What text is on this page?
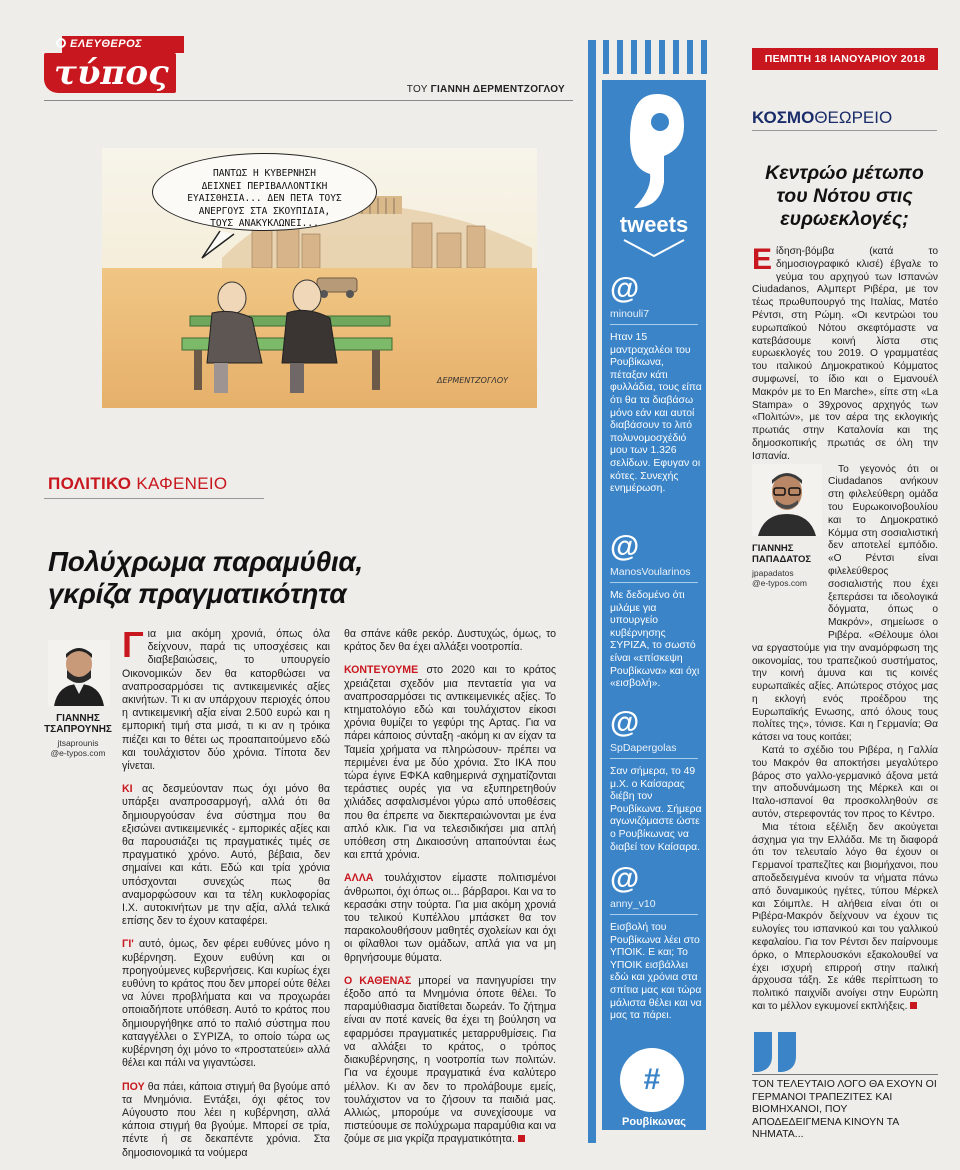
ΕΛΕΥΘΕΡΟΣ
τύπος	ΤΟΥ ΓΙΑΝΝΗ ΔΕΡΜΕΝΤΖΟΓΛΟΥ
ΔΕΡΜΕΝΤΖΟΓΛΟΥ
ΠΑΝΤΩΣ Η ΚΥΒΕΡΝΗΣΗ
ΔΕΙΧΝΕΙ ΠΕΡΙΒΑΛΛΟΝΤΙΚΗ
ΕΥΑΙΣΘΗΣΙΑ... ΔΕΝ ΠΕΤΑ ΤΟΥΣ
ΑΝΕΡΓΟΥΣ ΣΤΑ ΣΚΟΥΠΙΔΙΑ,
ΤΟΥΣ ΑΝΑΚΥΚΛΩΝΕΙ...
ΠΟΛΙΤΙΚΟ ΚΑΦΕΝΕΙΟ
Πολύχρωμα παραμύθια,
γκρίζα πραγματικότητα
ΓΙΑΝΝΗΣ
ΤΣΑΠΡΟΥΝΗΣ
jtsaprounis
@e-typos.com

Για μια ακόμη χρονιά, όπως όλα δείχνουν, παρά τις υποσχέσεις και διαβεβαιώσεις, το υπουργείο Οικονομικών δεν θα κατορθώσει να αναπροσαρμόσει τις αντικειμενικές αξίες ακινήτων. Τι κι αν υπάρχουν περιοχές όπου η αντικειμενική αξία είναι 2.500 ευρώ και η εμπορική τιμή στα μισά, τι κι αν η τρόικα πιέζει και το θέτει ως προαπαιτούμενο εδώ και τουλάχιστον δύο χρόνια. Τίποτα δεν γίνεται.

ΚΙ ας δεσμεύονταν πως όχι μόνο θα υπάρξει αναπροσαρμογή, αλλά ότι θα δημιουργούσαν ένα σύστημα που θα εξισώνει αντικειμενικές - εμπορικές αξίες και θα παρουσιάζει τις πραγματικές τιμές σε πραγματικό χρόνο. Αυτό, βέβαια, δεν σημαίνει και κάτι. Εδώ και τρία χρόνια υπόσχονται συνεχώς πως θα αναμορφώσουν και τα τέλη κυκλοφορίας Ι.Χ. αυτοκινήτων με την αξία, αλλά τελικά επίσης δεν το έχουν καταφέρει.

ΓΙ' αυτό, όμως, δεν φέρει ευθύνες μόνο η κυβέρνηση. Εχουν ευθύνη και οι προηγούμενες κυβερνήσεις. Και κυρίως έχει ευθύνη το κράτος που δεν μπορεί ούτε θέλει να λύνει προβλήματα και να προχωράει οποιαδήποτε υπόθεση. Αυτό το κράτος που δημιουργήθηκε από το παλιό σύστημα που καταγγέλλει ο ΣΥΡΙΖΑ, το οποίο τώρα ως κυβέρνηση όχι μόνο το «προστατεύει» αλλά θέλει και πάλι να γιγαντώσει.

ΠΟΥ θα πάει, κάποια στιγμή θα βγούμε από τα Μνημόνια. Εντάξει, όχι φέτος τον Αύγουστο που λέει η κυβέρνηση, αλλά κάποια στιγμή θα βγούμε. Μπορεί σε τρία, πέντε ή σε δεκαπέντε χρόνια. Στα δημοσιονομικά τα νούμερα

θα σπάνε κάθε ρεκόρ. Δυστυχώς, όμως, το κράτος δεν θα έχει αλλάξει νοοτροπία.

ΚΟΝΤΕΥΟΥΜΕ στο 2020 και το κράτος χρειάζεται σχεδόν μια πενταετία για να αναπροσαρμόσει τις αντικειμενικές αξίες. Το κτηματολόγιο εδώ και τουλάχιστον είκοσι χρόνια θυμίζει το γεφύρι της Αρτας. Για να πάρει κάποιος σύνταξη -ακόμη κι αν είχαν τα Ταμεία χρήματα να πληρώσουν- πρέπει να περιμένει ένα με δύο χρόνια. Στο ΙΚΑ που τώρα έγινε ΕΦΚΑ καθημερινά σχηματίζονται τεράστιες ουρές για να εξυπηρετηθούν χιλιάδες ασφαλισμένοι γύρω από υποθέσεις που θα έπρεπε να διεκπεραιώνονται με ένα απλό κλικ. Για να τελεσιδικήσει μια απλή υπόθεση στη Δικαιοσύνη απαιτούνται έως και επτά χρόνια.

ΑΛΛΑ τουλάχιστον είμαστε πολιτισμένοι άνθρωποι, όχι όπως οι... βάρβαροι. Και να το κερασάκι στην τούρτα. Για μια ακόμη χρονιά του τελικού Κυπέλλου μπάσκετ θα τον παρακολουθήσουν μαθητές σχολείων και όχι οι φίλαθλοι των ομάδων, απλά για να μη θρηνήσουμε θύματα.

Ο ΚΑΘΕΝΑΣ μπορεί να πανηγυρίσει την έξοδο από τα Μνημόνια όποτε θέλει. Το παραμύθιασμα διατίθεται δωρεάν. Το ζήτημα είναι αν ποτέ κανείς θα έχει τη βούληση να εφαρμόσει πραγματικές μεταρρυθμίσεις. Για να αλλάξει το κράτος, ο τρόπος διακυβέρνησης, η νοοτροπία των πολιτών. Για να έχουμε πραγματικά ένα καλύτερο μέλλον. Κι αν δεν το προλάβουμε εμείς, τουλάχιστον να το ζήσουν τα παιδιά μας. Αλλιώς, μπορούμε να συνεχίσουμε να πιστεύουμε σε πολύχρωμα παραμύθια και να ζούμε σε μια γκρίζα πραγματικότητα.

tweets
@
minouli7
Ηταν 15 μαντραχαλέοι του Ρουβίκωνα, πέταξαν κάτι φυλλάδια, τους είπα ότι θα τα διαβάσω μόνο εάν και αυτοί διαβάσουν το λιτό πολυνομοσχέδιό μου των 1.326 σελίδων. Εφυγαν οι κότες. Συνεχής ενημέρωση.
@
ManosVoularinos
Με δεδομένο ότι μιλάμε για υπουργείο κυβέρνησης ΣΥΡΙΖΑ, το σωστό είναι «επίσκεψη Ρουβίκωνα» και όχι «εισβολή».
@
SpDapergolas
Σαν σήμερα, το 49 μ.Χ. ο Καίσαρας διέβη τον Ρουβίκωνα. Σήμερα αγωνιζόμαστε ώστε ο Ρουβίκωνας να διαβεί τον Καίσαρα.
@
anny_v10
Εισβολή του Ρουβίκωνα λέει στο ΥΠΟΙΚ. Ε και; Το ΥΠΟΙΚ εισβάλλει εδώ και χρόνια στα σπίτια μας και τώρα μάλιστα θέλει και να μας τα πάρει.
#
Ρουβίκωνας
ΠΕΜΠΤΗ 18 ΙΑΝΟΥΑΡΙΟΥ 2018
ΚΟΣΜΟΘΕΩΡΕΙΟ
Κεντρώο μέτωπο
του Νότου στις
ευρωεκλογές;

Είδηση-βόμβα (κατά το δημοσιογραφικό κλισέ) έβγαλε το γεύμα του αρχηγού των Ισπανών Ciudadanos, Αλμπερτ Ριβέρα, με τον τέως πρωθυπουργό της Ιταλίας, Ματέο Ρέντσι, στη Ρώμη. «Οι κεντρώοι του ευρωπαϊκού Νότου σκεφτόμαστε να κατεβάσουμε κοινή λίστα στις ευρωεκλογές του 2019. Ο γραμματέας του ιταλικού Δημοκρατικού Κόμματος συμφωνεί, το ίδιο και ο Εμανουέλ Μακρόν με το En Marche», είπε στη «La Stampa» ο 39χρονος αρχηγός των «Πολιτών», με τον αέρα της εκλογικής πρωτιάς στην Καταλονία και της δημοσκοπικής πρωτιάς σε όλη την Ισπανία.

ΓΙΑΝΝΗΣ
ΠΑΠΑΔΑΤΟΣ
jpapadatos
@e-typos.com

Το γεγονός ότι οι Ciudadanos ανήκουν στη φιλελεύθερη ομάδα του Ευρωκοινοβουλίου και το Δημοκρατικό Κόμμα στη σοσιαλιστική δεν αποτελεί εμπόδιο. «Ο Ρέντσι είναι φιλελεύθερος σοσιαλιστής που έχει ξεπεράσει τα ιδεολογικά δόγματα, όπως ο Μακρόν», σημείωσε ο Ριβέρα. «Θέλουμε όλοι να εργαστούμε για την αναμόρφωση της οικονομίας, του τραπεζικού συστήματος, την κοινή άμυνα και τις κοινές ευρωπαϊκές αξίες. Απώτερος στόχος μας η εκλογή ενός προέδρου της Ευρωπαϊκής Ενωσης, από όλους τους πολίτες της», τόνισε. Και η Γερμανία; Θα κάτσει να τους κοιτάει;

Κατά το σχέδιο του Ριβέρα, η Γαλλία του Μακρόν θα αποκτήσει μεγαλύτερο βάρος στο γαλλο-γερμανικό άξονα μετά την αποδυνάμωση της Μέρκελ και οι Ιταλο-ισπανοί θα προσκολληθούν σε αυτόν, στερεφοντάς τον προς το Κέντρο.

Μια τέτοια εξέλιξη δεν ακούγεται άσχημα για την Ελλάδα. Με τη διαφορά ότι τον τελευταίο λόγο θα έχουν οι Γερμανοί τραπεζίτες και βιομήχανοι, που αποδεδειγμένα κινούν τα νήματα πάνω από δυναμικούς ηγέτες, τύπου Μέρκελ και Σόιμπλε. Η αλήθεια είναι ότι οι Ριβέρα-Μακρόν δείχνουν να έχουν τις ευλογίες του ισπανικού και του γαλλικού κεφαλαίου. Για τον Ρέντσι δεν παίρνουμε όρκο, ο Μπερλουσκόνι εξακολουθεί να έχει ισχυρή επιρροή στην ιταλική άρχουσα τάξη. Σε κάθε περίπτωση το πολιτικό παιχνίδι ανοίγει στην Ευρώπη και το μέλλον εγκυμονεί εκπλήξεις.

ΤΟΝ ΤΕΛΕΥΤΑΙΟ ΛΟΓΟ ΘΑ ΕΧΟΥΝ ΟΙ ΓΕΡΜΑΝΟΙ ΤΡΑΠΕΖΙΤΕΣ ΚΑΙ ΒΙΟΜΗΧΑΝΟΙ, ΠΟΥ ΑΠΟΔΕΔΕΙΓΜΕΝΑ ΚΙΝΟΥΝ ΤΑ ΝΗΜΑΤΑ...
